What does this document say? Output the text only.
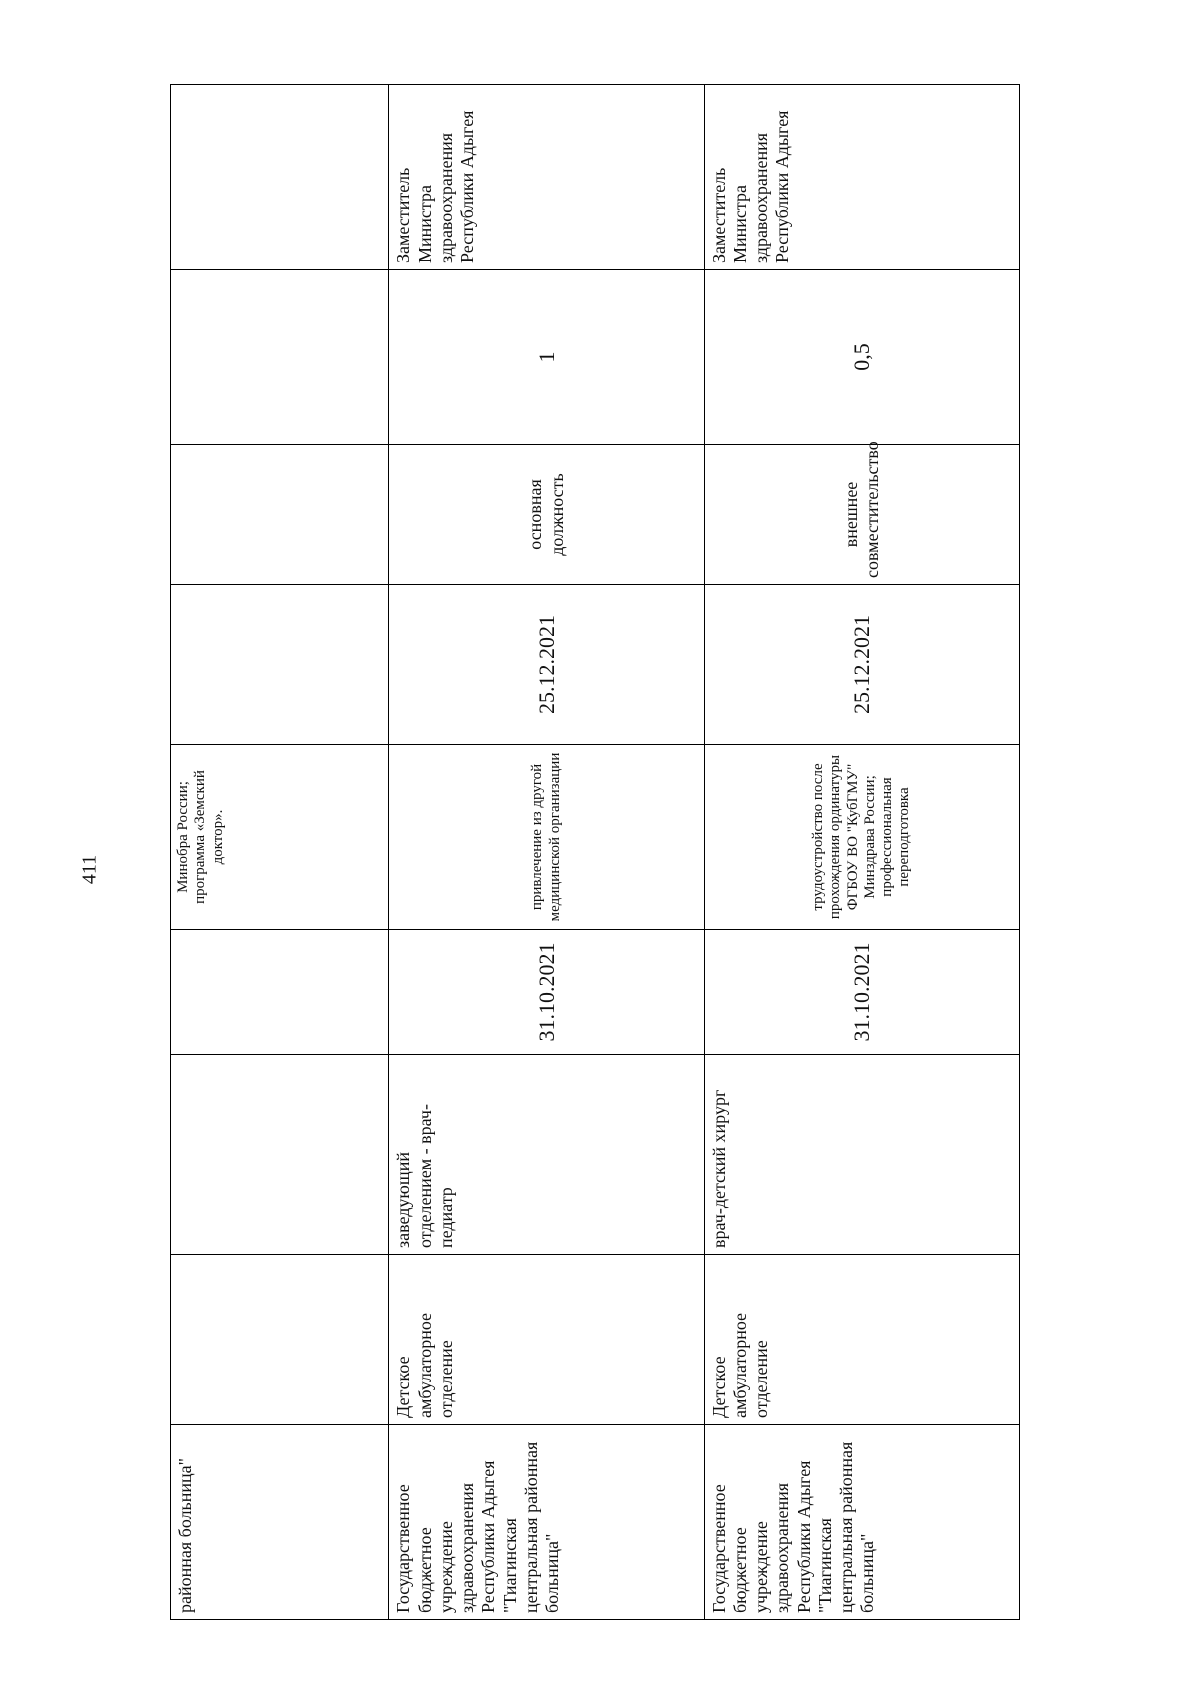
411
районная больница"				Минобра России; программа «Земский доктор».				
Государственное бюджетное учреждение здравоохранения Республики Адыгея "Тиагинская центральная районная больница"	Детское амбулаторное отделение	заведующий отделением - врач-педиатр	31.10.2021	привлечение из другой медицинской организации	25.12.2021	основная должность	1	Заместитель Министра здравоохранения Республики Адыгея
Государственное бюджетное учреждение здравоохранения Республики Адыгея "Тиагинская центральная районная больница"	Детское амбулаторное отделение	врач-детский хирург	31.10.2021	трудоустройство после прохождения ординатуры ФГБОУ ВО "КубГМУ" Минздрава России; профессиональная переподготовка	25.12.2021	внешнее совместительство	0,5	Заместитель Министра здравоохранения Республики Адыгея
